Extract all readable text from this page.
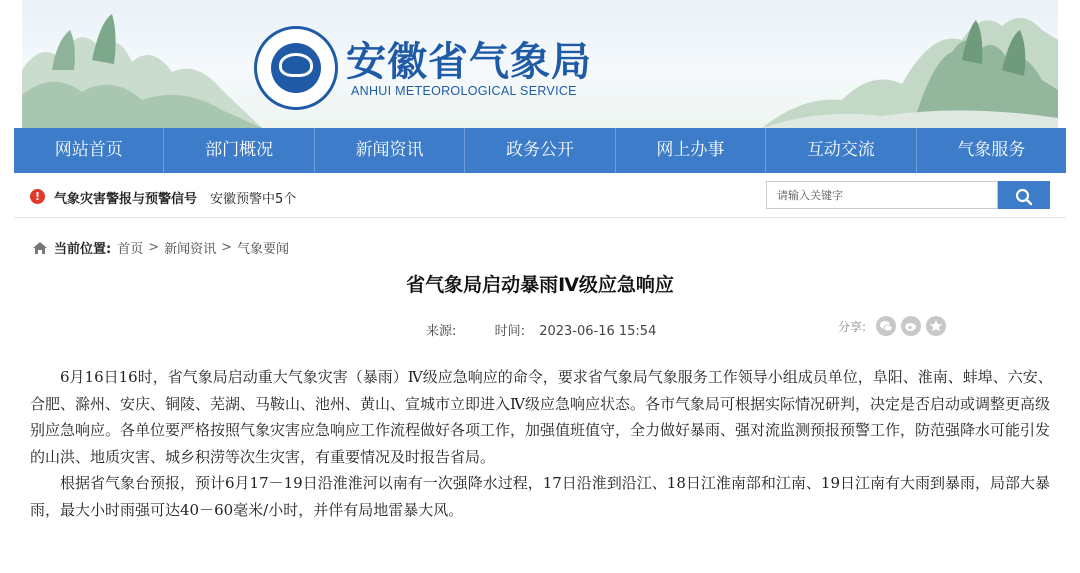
安徽省气象局
ANHUI METEOROLOGICAL SERVICE
网站首页	部门概况	新闻资讯	政务公开	网上办事	互动交流	气象服务
!	气象灾害警报与预警信号 安徽预警中5个
请输入关键字
当前位置: 首页 > 新闻资讯 > 气象要闻
省气象局启动暴雨Ⅳ级应急响应
来源:	时间: 2023-06-16 15:54	分享:

6月16日16时，省气象局启动重大气象灾害（暴雨）Ⅳ级应急响应的命令，要求省气象局气象服务工作领导小组成员单位，阜阳、淮南、蚌埠、六安、合肥、滁州、安庆、铜陵、芜湖、马鞍山、池州、黄山、宣城市立即进入Ⅳ级应急响应状态。各市气象局可根据实际情况研判，决定是否启动或调整更高级别应急响应。各单位要严格按照气象灾害应急响应工作流程做好各项工作，加强值班值守，全力做好暴雨、强对流监测预报预警工作，防范强降水可能引发的山洪、地质灾害、城乡积涝等次生灾害，有重要情况及时报告省局。

根据省气象台预报，预计6月17－19日沿淮淮河以南有一次强降水过程，17日沿淮到沿江、18日江淮南部和江南、19日江南有大雨到暴雨，局部大暴雨，最大小时雨强可达40－60毫米/小时，并伴有局地雷暴大风。
